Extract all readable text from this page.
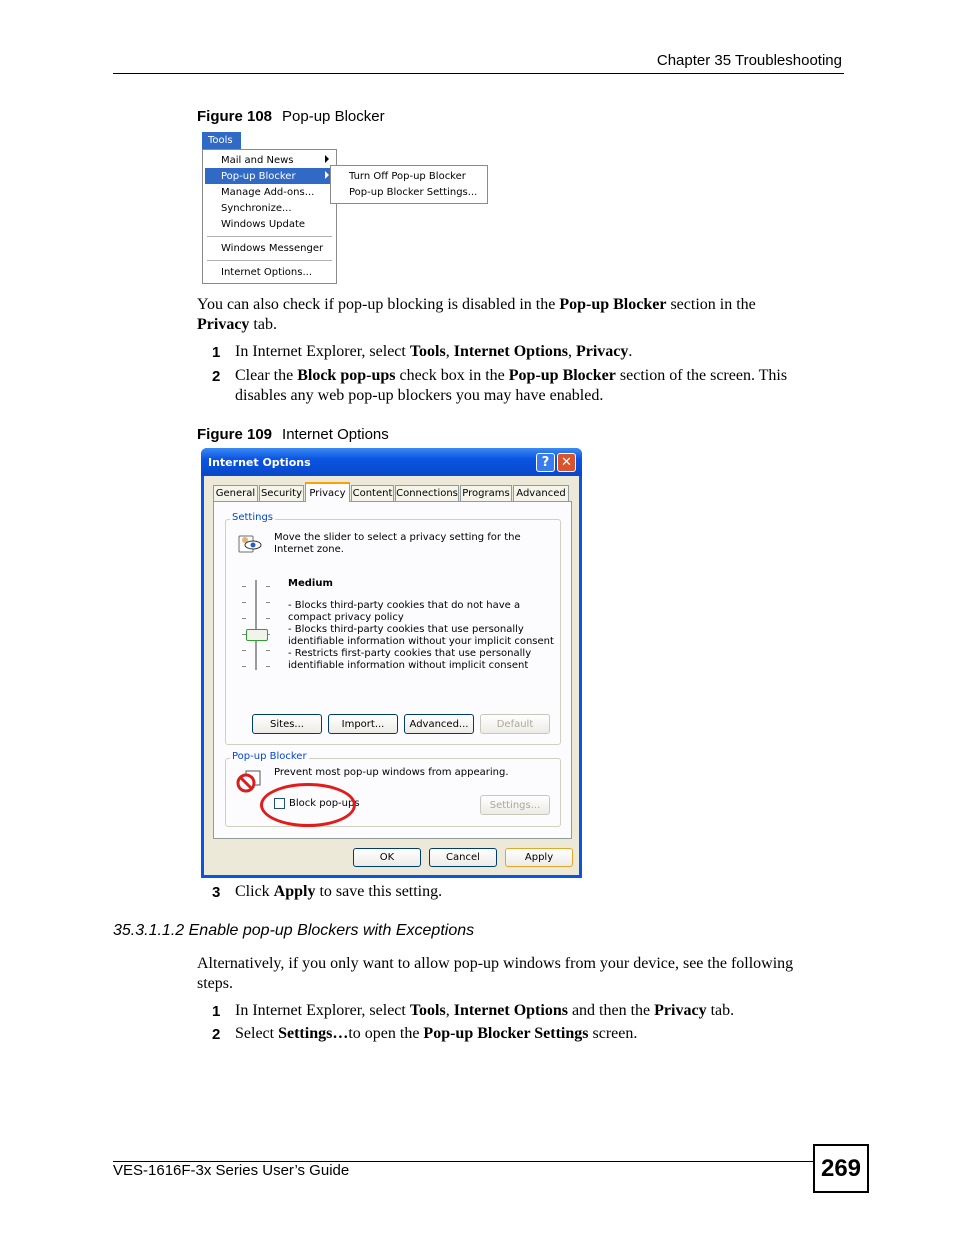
Chapter 35 Troubleshooting
Figure 108 Pop-up Blocker
Tools
Mail and News
Pop-up Blocker
Manage Add-ons...
Synchronize...
Windows Update
Windows Messenger
Internet Options...
Turn Off Pop-up Blocker
Pop-up Blocker Settings...
You can also check if pop-up blocking is disabled in the Pop-up Blocker section in the
Privacy tab.
1 In Internet Explorer, select Tools, Internet Options, Privacy.
2 Clear the Block pop-ups check box in the Pop-up Blocker section of the screen. This
disables any web pop-up blockers you may have enabled.
Figure 109 Internet Options
Internet Options	? ✕
General Security	Content Connections Programs Advanced
Settings
Move the slider to select a privacy setting for the Internet zone.
Medium
- Blocks third-party cookies that do not have a compact privacy policy
- Blocks third-party cookies that use personally identifiable information without your implicit consent
- Restricts first-party cookies that use personally identifiable information without implicit consent
Sites...	Import...	Advanced...	Default
Pop-up Blocker
Prevent most pop-up windows from appearing.
Block pop-ups	Settings...
Privacy
OK	Cancel	Apply
3 Click Apply to save this setting.
35.3.1.1.2 Enable pop-up Blockers with Exceptions
Alternatively, if you only want to allow pop-up windows from your device, see the following
steps.
1 In Internet Explorer, select Tools, Internet Options and then the Privacy tab.
2 Select Settings…to open the Pop-up Blocker Settings screen.
VES-1616F-3x Series User’s Guide	269
